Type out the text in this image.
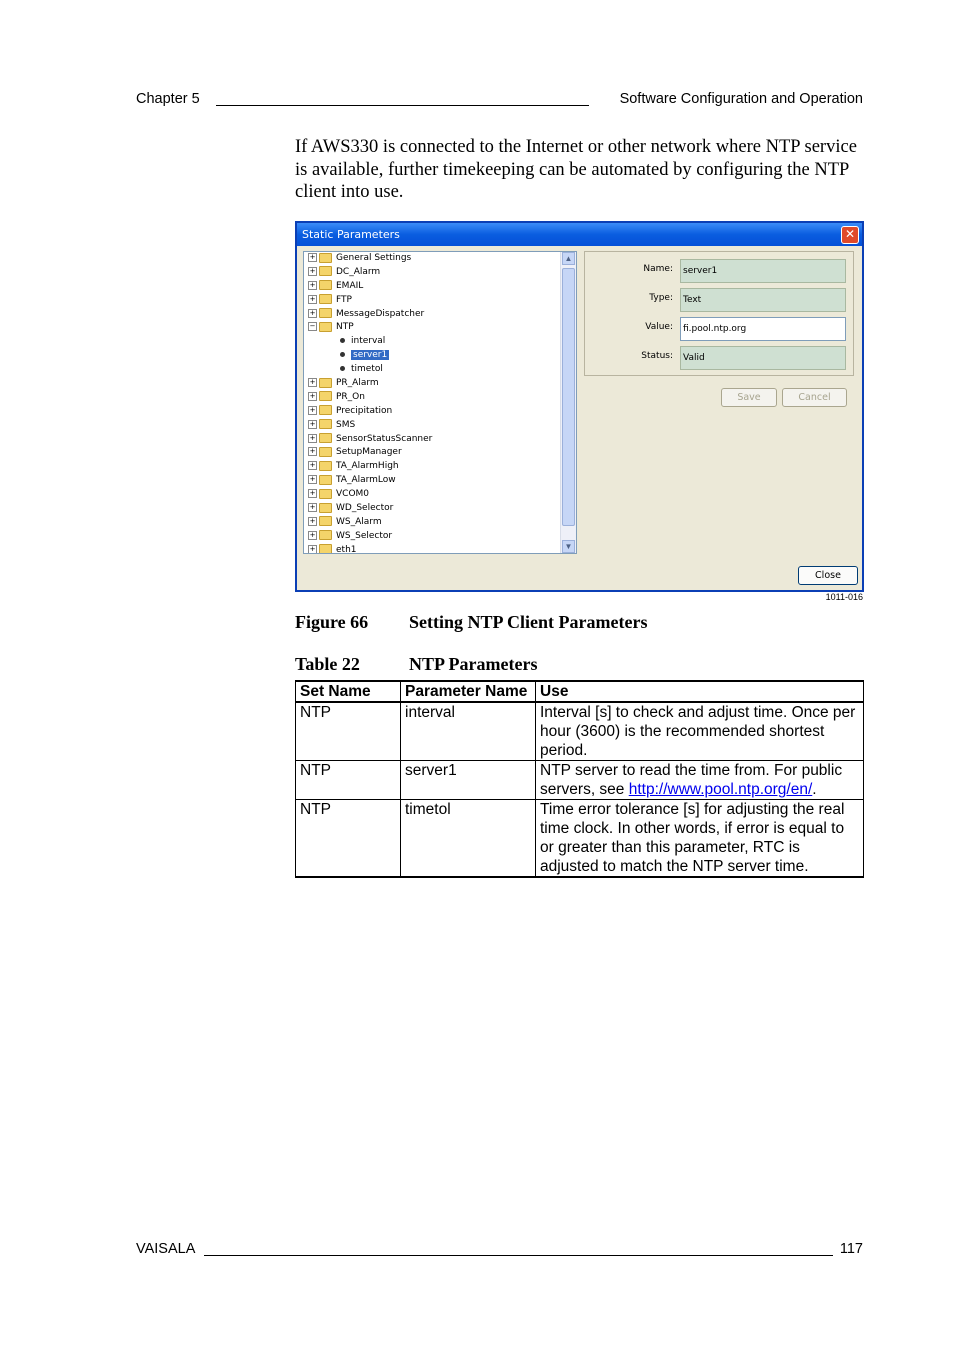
Chapter 5	Software Configuration and Operation
If AWS330 is connected to the Internet or other network where NTP service is available, further timekeeping can be automated by configuring the NTP client into use.
Static Parameters	✕
+ General Settings
+ DC_Alarm
+ EMAIL
+ FTP
+ MessageDispatcher
− NTP
interval
server1
timetol
+ PR_Alarm
+ PR_On
+ Precipitation
+ SMS
+ SensorStatusScanner
+ SetupManager
+ TA_AlarmHigh
+ TA_AlarmLow
+ VCOM0
+ WD_Selector
+ WS_Alarm
+ WS_Selector
+ eth1
▲
▼
Name:	server1
Type:	Text
Value:	fi.pool.ntp.org
Status:	Valid
Save	Cancel
Close
1011-016
Figure 66 Setting NTP Client Parameters
Table 22	NTP Parameters
Set Name	Parameter Name	Use
NTP	interval	Interval [s] to check and adjust time. Once per hour (3600) is the recommended shortest period.
NTP	server1	NTP server to read the time from. For public servers, see http://www.pool.ntp.org/en/.
NTP	timetol	Time error tolerance [s] for adjusting the real time clock. In other words, if error is equal to or greater than this parameter, RTC is adjusted to match the NTP server time.
VAISALA	117
